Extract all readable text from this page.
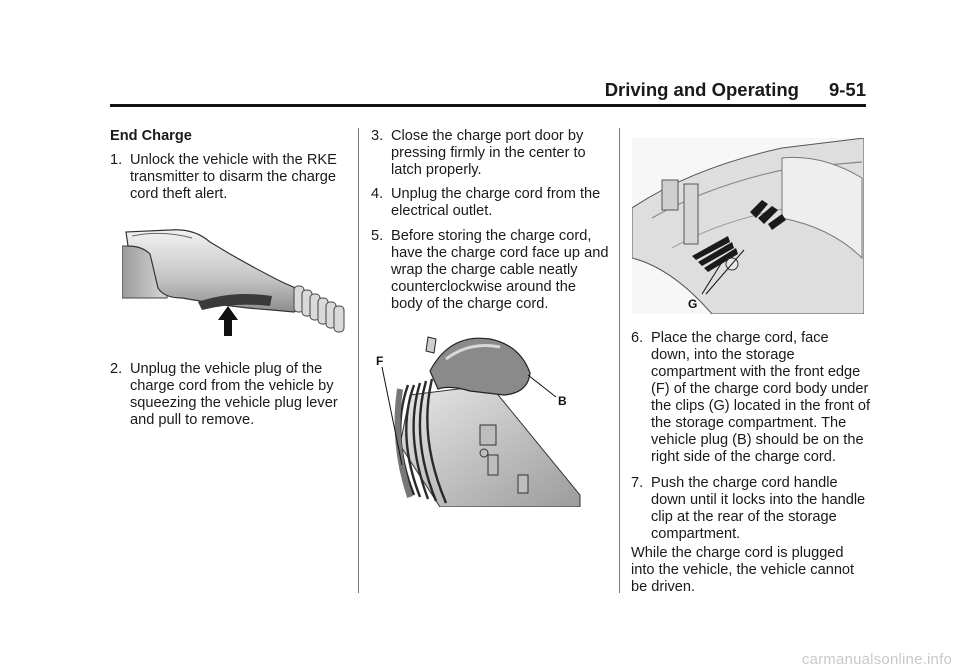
Driving and Operating 9-51
End Charge
1. Unlock the vehicle with the RKE transmitter to disarm the charge cord theft alert.
2. Unplug the vehicle plug of the charge cord from the vehicle by squeezing the vehicle plug lever and pull to remove.
3. Close the charge port door by pressing firmly in the center to latch properly.
4. Unplug the charge cord from the electrical outlet.
5. Before storing the charge cord, have the charge cord face up and wrap the charge cable neatly counterclockwise around the body of the charge cord.
F
B
G
6. Place the charge cord, face down, into the storage compartment with the front edge (F) of the charge cord body under the clips (G) located in the front of the storage compartment. The vehicle plug (B) should be on the right side of the charge cord.
7. Push the charge cord handle down until it locks into the handle clip at the rear of the storage compartment.
While the charge cord is plugged into the vehicle, the vehicle cannot be driven.
carmanualsonline.info
